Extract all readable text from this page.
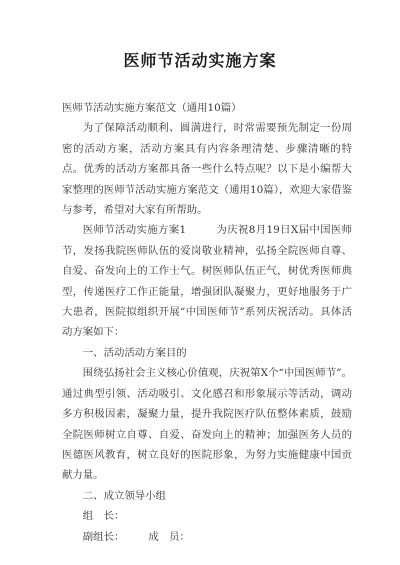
医师节活动实施方案

医师节活动实施方案范文（通用10篇）

为了保障活动顺利、圆满进行，时常需要预先制定一份周密的活动方案，活动方案具有内容条理清楚、步骤清晰的特点。优秀的活动方案都具备一些什么特点呢？以下是小编帮大家整理的医师节活动实施方案范文（通用10篇），欢迎大家借鉴与参考，希望对大家有所帮助。

医师节活动实施方案1	为庆祝8月19日X届中国医师节，发扬我院医师队伍的爱岗敬业精神，弘扬全院医师自尊、自爱、奋发向上的工作士气。树医师队伍正气，树优秀医师典型，传递医疗工作正能量，增强团队凝聚力，更好地服务于广大患者，医院拟组织开展“中国医师节”系列庆祝活动。具体活动方案如下：

一、活动活动方案目的

围绕弘扬社会主义核心价值观，庆祝第X个“中国医师节”。通过典型引领、活动吸引、文化感召和形象展示等活动，调动多方积极因素，凝聚力量，提升我院医疗队伍整体素质，鼓励全院医师树立自尊、自爱、奋发向上的精神；加强医务人员的医德医风教育，树立良好的医院形象，为努力实施健康中国贡献力量。

二、成立领导小组

组　长：

副组长： 成　员：
